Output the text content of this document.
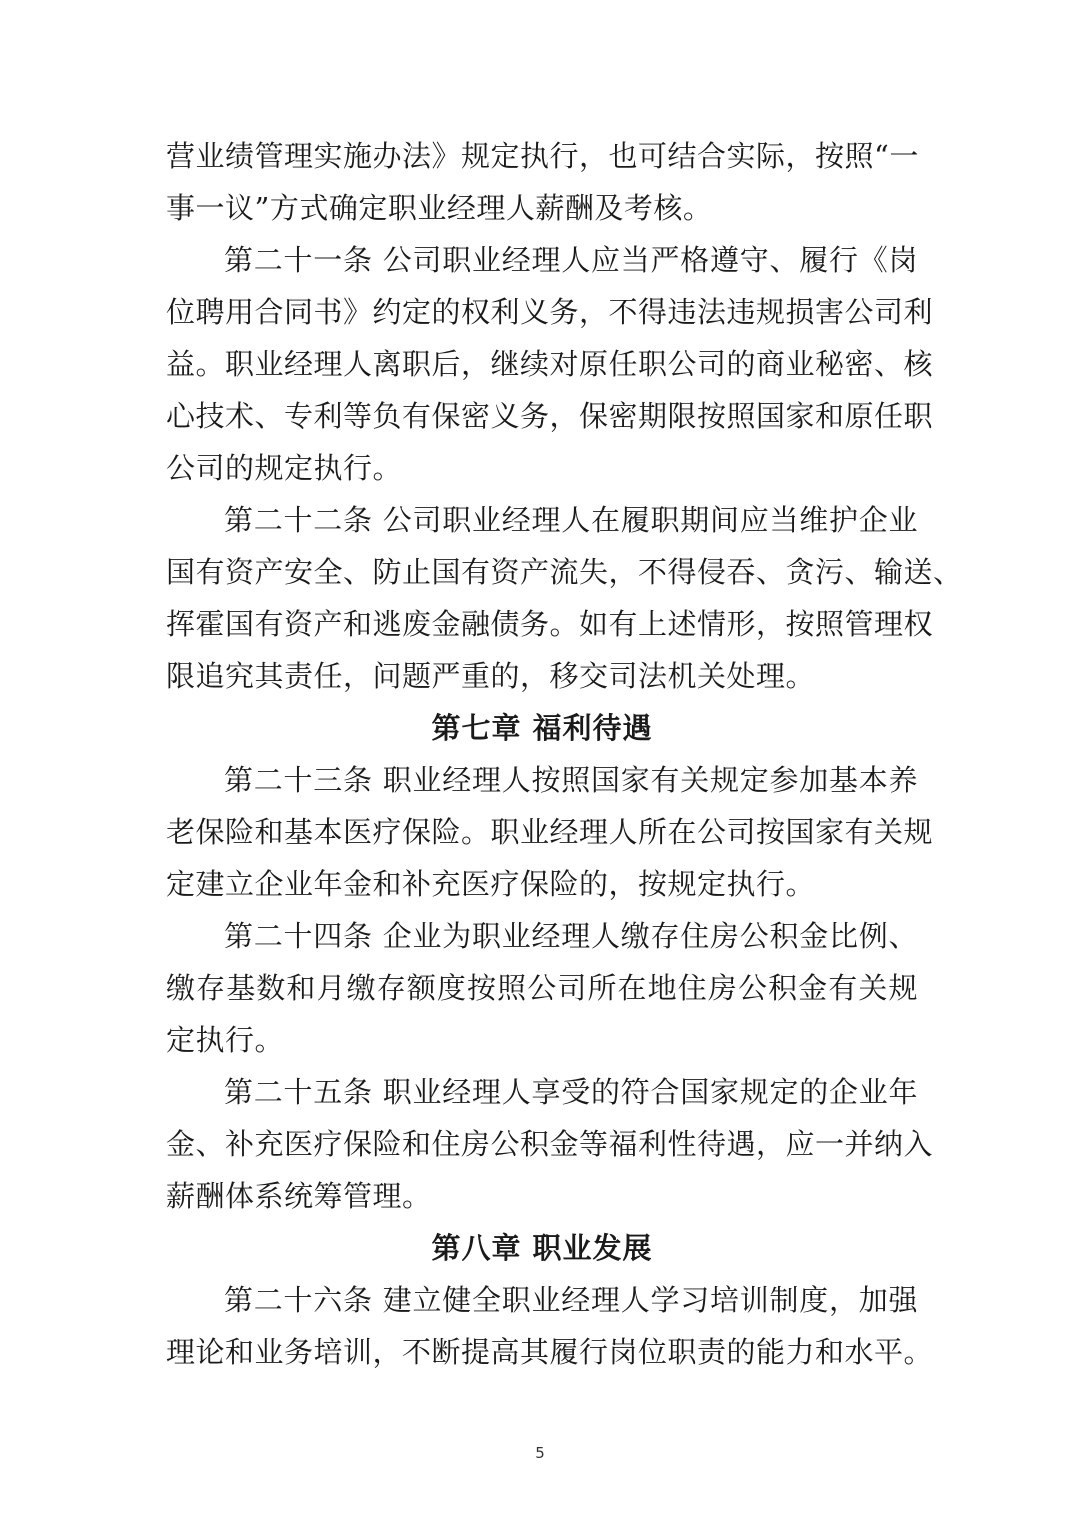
营业绩管理实施办法》规定执行，也可结合实际，按照“一
事一议”方式确定职业经理人薪酬及考核。
第二十一条 公司职业经理人应当严格遵守、履行《岗
位聘用合同书》约定的权利义务，不得违法违规损害公司利
益。职业经理人离职后，继续对原任职公司的商业秘密、核
心技术、专利等负有保密义务，保密期限按照国家和原任职
公司的规定执行。
第二十二条 公司职业经理人在履职期间应当维护企业
国有资产安全、防止国有资产流失，不得侵吞、贪污、输送、
挥霍国有资产和逃废金融债务。如有上述情形，按照管理权
限追究其责任，问题严重的，移交司法机关处理。
第七章 福利待遇
第二十三条 职业经理人按照国家有关规定参加基本养
老保险和基本医疗保险。职业经理人所在公司按国家有关规
定建立企业年金和补充医疗保险的，按规定执行。
第二十四条 企业为职业经理人缴存住房公积金比例、
缴存基数和月缴存额度按照公司所在地住房公积金有关规
定执行。
第二十五条 职业经理人享受的符合国家规定的企业年
金、补充医疗保险和住房公积金等福利性待遇，应一并纳入
薪酬体系统筹管理。
第八章 职业发展
第二十六条 建立健全职业经理人学习培训制度，加强
理论和业务培训，不断提高其履行岗位职责的能力和水平。
5
